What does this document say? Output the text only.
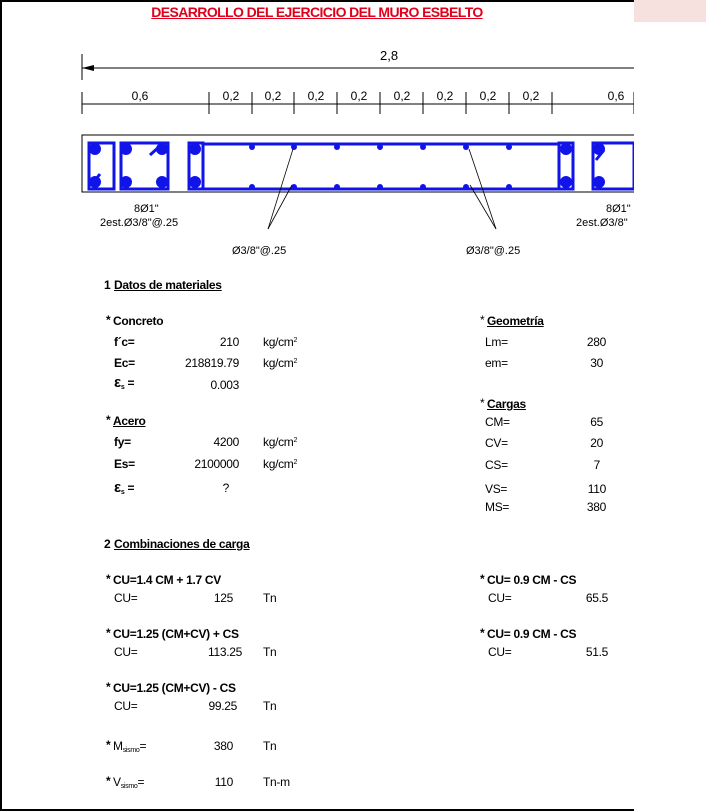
DESARROLLO DEL EJERCICIO DEL MURO ESBELTO
2,8
0,6	0,2 0,2 0,2 0,2 0,2 0,2 0,2 0,2	0,6
8Ø1"
2est.Ø3/8"@.25
8Ø1"
2est.Ø3/8"
Ø3/8"@.25	Ø3/8"@.25
1 Datos de materiales
* Concreto
f´c=	210 $kg/cm^2$
Ec=	218819.79 $kg/cm^2$
$\varepsilon_s$ =	0.003
* Acero
fy=	4200 $kg/cm^2$
Es=	2100000 $kg/cm^2$
$\varepsilon_s$ =	?
* Geometría
Lm=	280
em=	30
* Cargas
CM=	65
CV=	20
CS=	7
VS=	110
MS=	380
2 Combinaciones de carga
* CU=1.4 CM + 1.7 CV
CU=	125	Tn
* CU=1.25 (CM+CV) + CS
CU=	113.25 Tn
* CU=1.25 (CM+CV) - CS
CU=	99.25 Tn
* CU= 0.9 CM - CS
CU=	65.5
* CU= 0.9 CM - CS
CU=	51.5
* $M_{sismo}=$	380	Tn
* $V_{sismo}=$	110	Tn-m
